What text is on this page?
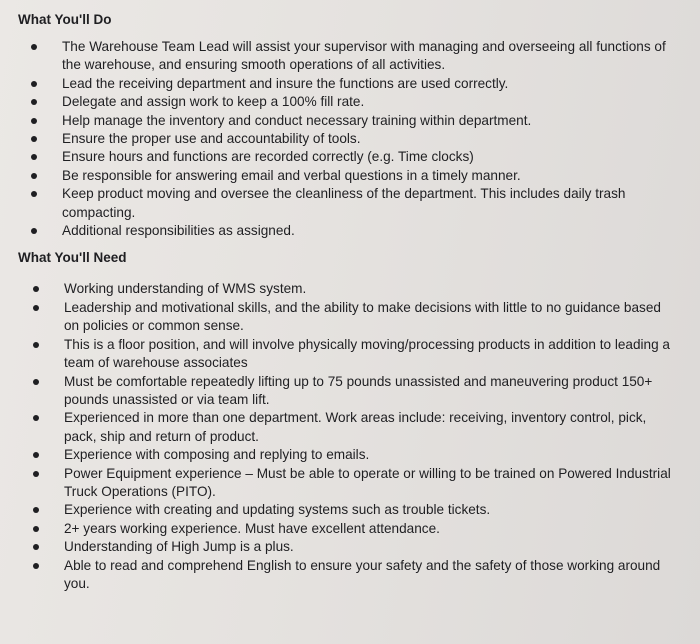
What You'll Do
The Warehouse Team Lead will assist your supervisor with managing and overseeing all functions of the warehouse, and ensuring smooth operations of all activities.
Lead the receiving department and insure the functions are used correctly.
Delegate and assign work to keep a 100% fill rate.
Help manage the inventory and conduct necessary training within department.
Ensure the proper use and accountability of tools.
Ensure hours and functions are recorded correctly (e.g. Time clocks)
Be responsible for answering email and verbal questions in a timely manner.
Keep product moving and oversee the cleanliness of the department. This includes daily trash compacting.
Additional responsibilities as assigned.
What You'll Need
Working understanding of WMS system.
Leadership and motivational skills, and the ability to make decisions with little to no guidance based on policies or common sense.
This is a floor position, and will involve physically moving/processing products in addition to leading a team of warehouse associates
Must be comfortable repeatedly lifting up to 75 pounds unassisted and maneuvering product 150+ pounds unassisted or via team lift.
Experienced in more than one department. Work areas include: receiving, inventory control, pick, pack, ship and return of product.
Experience with composing and replying to emails.
Power Equipment experience – Must be able to operate or willing to be trained on Powered Industrial Truck Operations (PITO).
Experience with creating and updating systems such as trouble tickets.
2+ years working experience. Must have excellent attendance.
Understanding of High Jump is a plus.
Able to read and comprehend English to ensure your safety and the safety of those working around you.
